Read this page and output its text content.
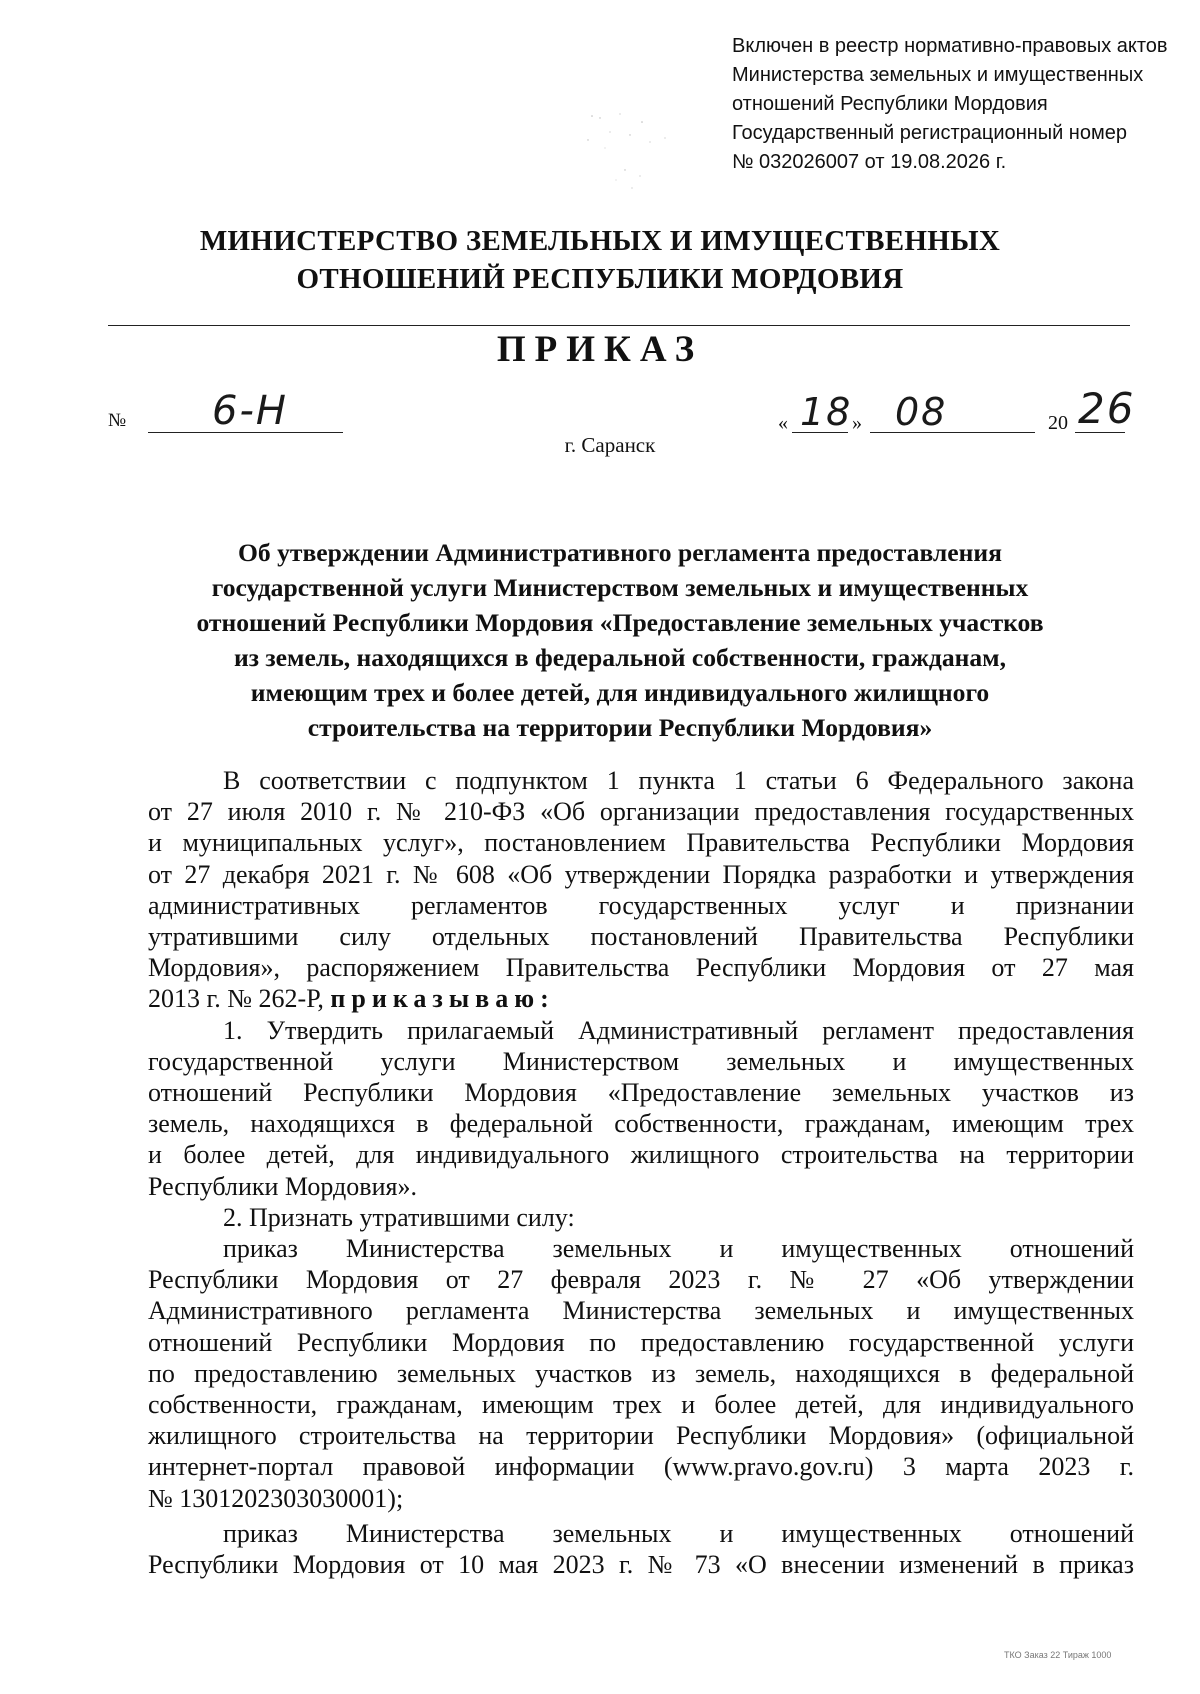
Включен в реестр нормативно-правовых актов
Министерства земельных и имущественных
отношений Республики Мордовия
Государственный регистрационный номер
№ 032026007 от 19.08.2026 г.
МИНИСТЕРСТВО ЗЕМЕЛЬНЫХ И ИМУЩЕСТВЕННЫХ
ОТНОШЕНИЙ РЕСПУБЛИКИ МОРДОВИЯ
ПРИКАЗ
№ 6-Н	« 18 » 08	20 26
г. Саранск
Об утверждении Административного регламента предоставления
государственной услуги Министерством земельных и имущественных
отношений Республики Мордовия «Предоставление земельных участков
из земель, находящихся в федеральной собственности, гражданам,
имеющим трех и более детей, для индивидуального жилищного
строительства на территории Республики Мордовия»
В соответствии с подпунктом 1 пункта 1 статьи 6 Федерального закона
от 27 июля 2010 г. № 210-ФЗ «Об организации предоставления государственных
и муниципальных услуг», постановлением Правительства Республики Мордовия
от 27 декабря 2021 г. № 608 «Об утверждении Порядка разработки и утверждения
административных регламентов государственных услуг и признании
утратившими силу отдельных постановлений Правительства Республики
Мордовия», распоряжением Правительства Республики Мордовия от 27 мая
2013 г. № 262-Р, приказываю:
1. Утвердить прилагаемый Административный регламент предоставления
государственной услуги Министерством земельных и имущественных
отношений Республики Мордовия «Предоставление земельных участков из
земель, находящихся в федеральной собственности, гражданам, имеющим трех
и более детей, для индивидуального жилищного строительства на территории
Республики Мордовия».
2. Признать утратившими силу:
приказ Министерства земельных и имущественных отношений
Республики Мордовия от 27 февраля 2023 г. № 27 «Об утверждении
Административного регламента Министерства земельных и имущественных
отношений Республики Мордовия по предоставлению государственной услуги
по предоставлению земельных участков из земель, находящихся в федеральной
собственности, гражданам, имеющим трех и более детей, для индивидуального
жилищного строительства на территории Республики Мордовия» (официальной
интернет-портал правовой информации (www.pravo.gov.ru) 3 марта 2023 г.
№ 1301202303030001);
приказ Министерства земельных и имущественных отношений
Республики Мордовия от 10 мая 2023 г. № 73 «О внесении изменений в приказ
ТКО Заказ 22 Тираж 1000
